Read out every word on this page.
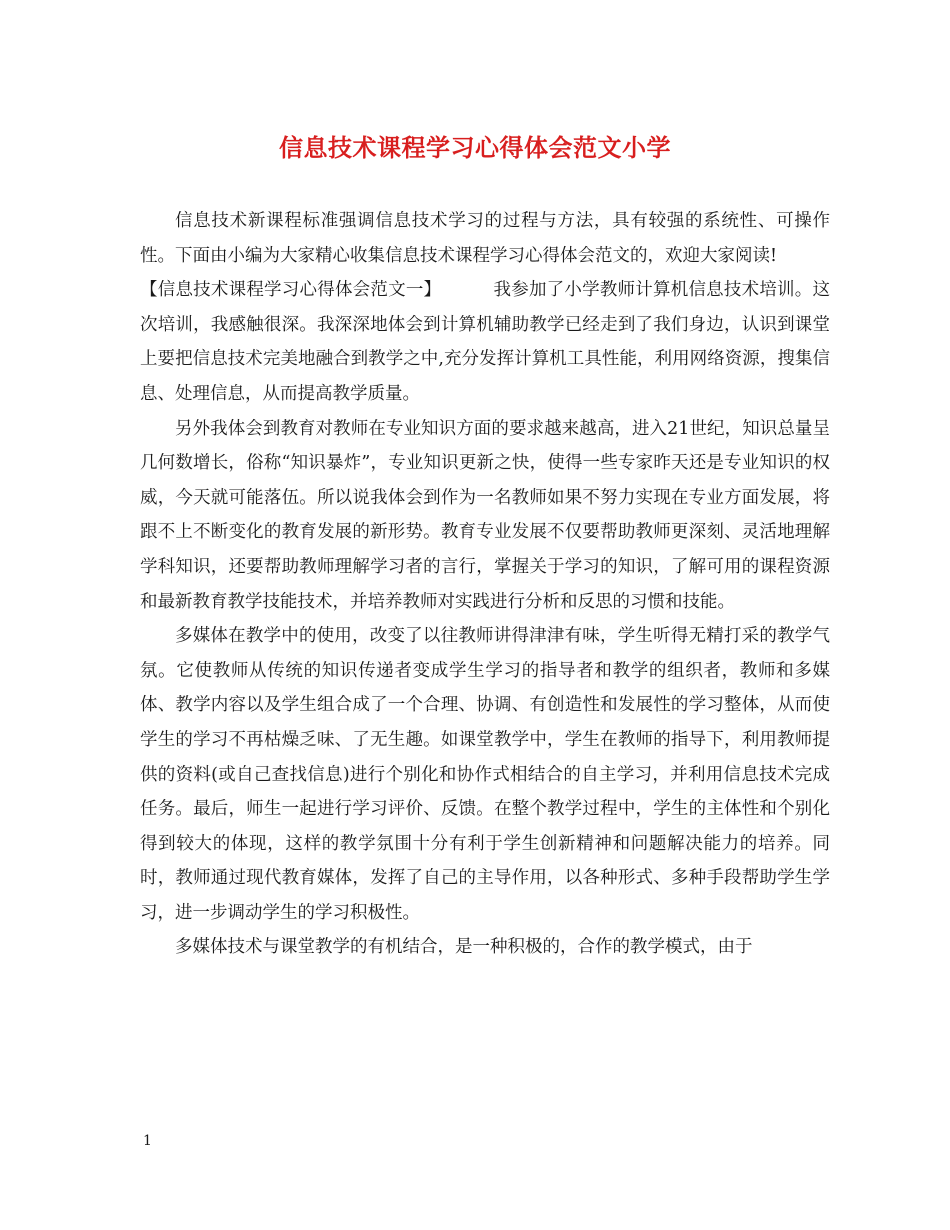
信息技术课程学习心得体会范文小学

信息技术新课程标准强调信息技术学习的过程与方法，具有较强的系统性、可操作性。下面由小编为大家精心收集信息技术课程学习心得体会范文的，欢迎大家阅读!

【信息技术课程学习心得体会范文一】	我参加了小学教师计算机信息技术培训。这次培训，我感触很深。我深深地体会到计算机辅助教学已经走到了我们身边，认识到课堂上要把信息技术完美地融合到教学之中,充分发挥计算机工具性能，利用网络资源，搜集信息、处理信息，从而提高教学质量。

另外我体会到教育对教师在专业知识方面的要求越来越高，进入21世纪，知识总量呈几何数增长，俗称“知识暴炸”，专业知识更新之快，使得一些专家昨天还是专业知识的权威，今天就可能落伍。所以说我体会到作为一名教师如果不努力实现在专业方面发展，将跟不上不断变化的教育发展的新形势。教育专业发展不仅要帮助教师更深刻、灵活地理解学科知识，还要帮助教师理解学习者的言行，掌握关于学习的知识，了解可用的课程资源和最新教育教学技能技术，并培养教师对实践进行分析和反思的习惯和技能。

多媒体在教学中的使用，改变了以往教师讲得津津有味，学生听得无精打采的教学气氛。它使教师从传统的知识传递者变成学生学习的指导者和教学的组织者，教师和多媒体、教学内容以及学生组合成了一个合理、协调、有创造性和发展性的学习整体，从而使学生的学习不再枯燥乏味、了无生趣。如课堂教学中，学生在教师的指导下，利用教师提供的资料(或自己查找信息)进行个别化和协作式相结合的自主学习，并利用信息技术完成任务。最后，师生一起进行学习评价、反馈。在整个教学过程中，学生的主体性和个别化得到较大的体现，这样的教学氛围十分有利于学生创新精神和问题解决能力的培养。同时，教师通过现代教育媒体，发挥了自己的主导作用，以各种形式、多种手段帮助学生学习，进一步调动学生的学习积极性。

多媒体技术与课堂教学的有机结合，是一种积极的，合作的教学模式，由于

1
